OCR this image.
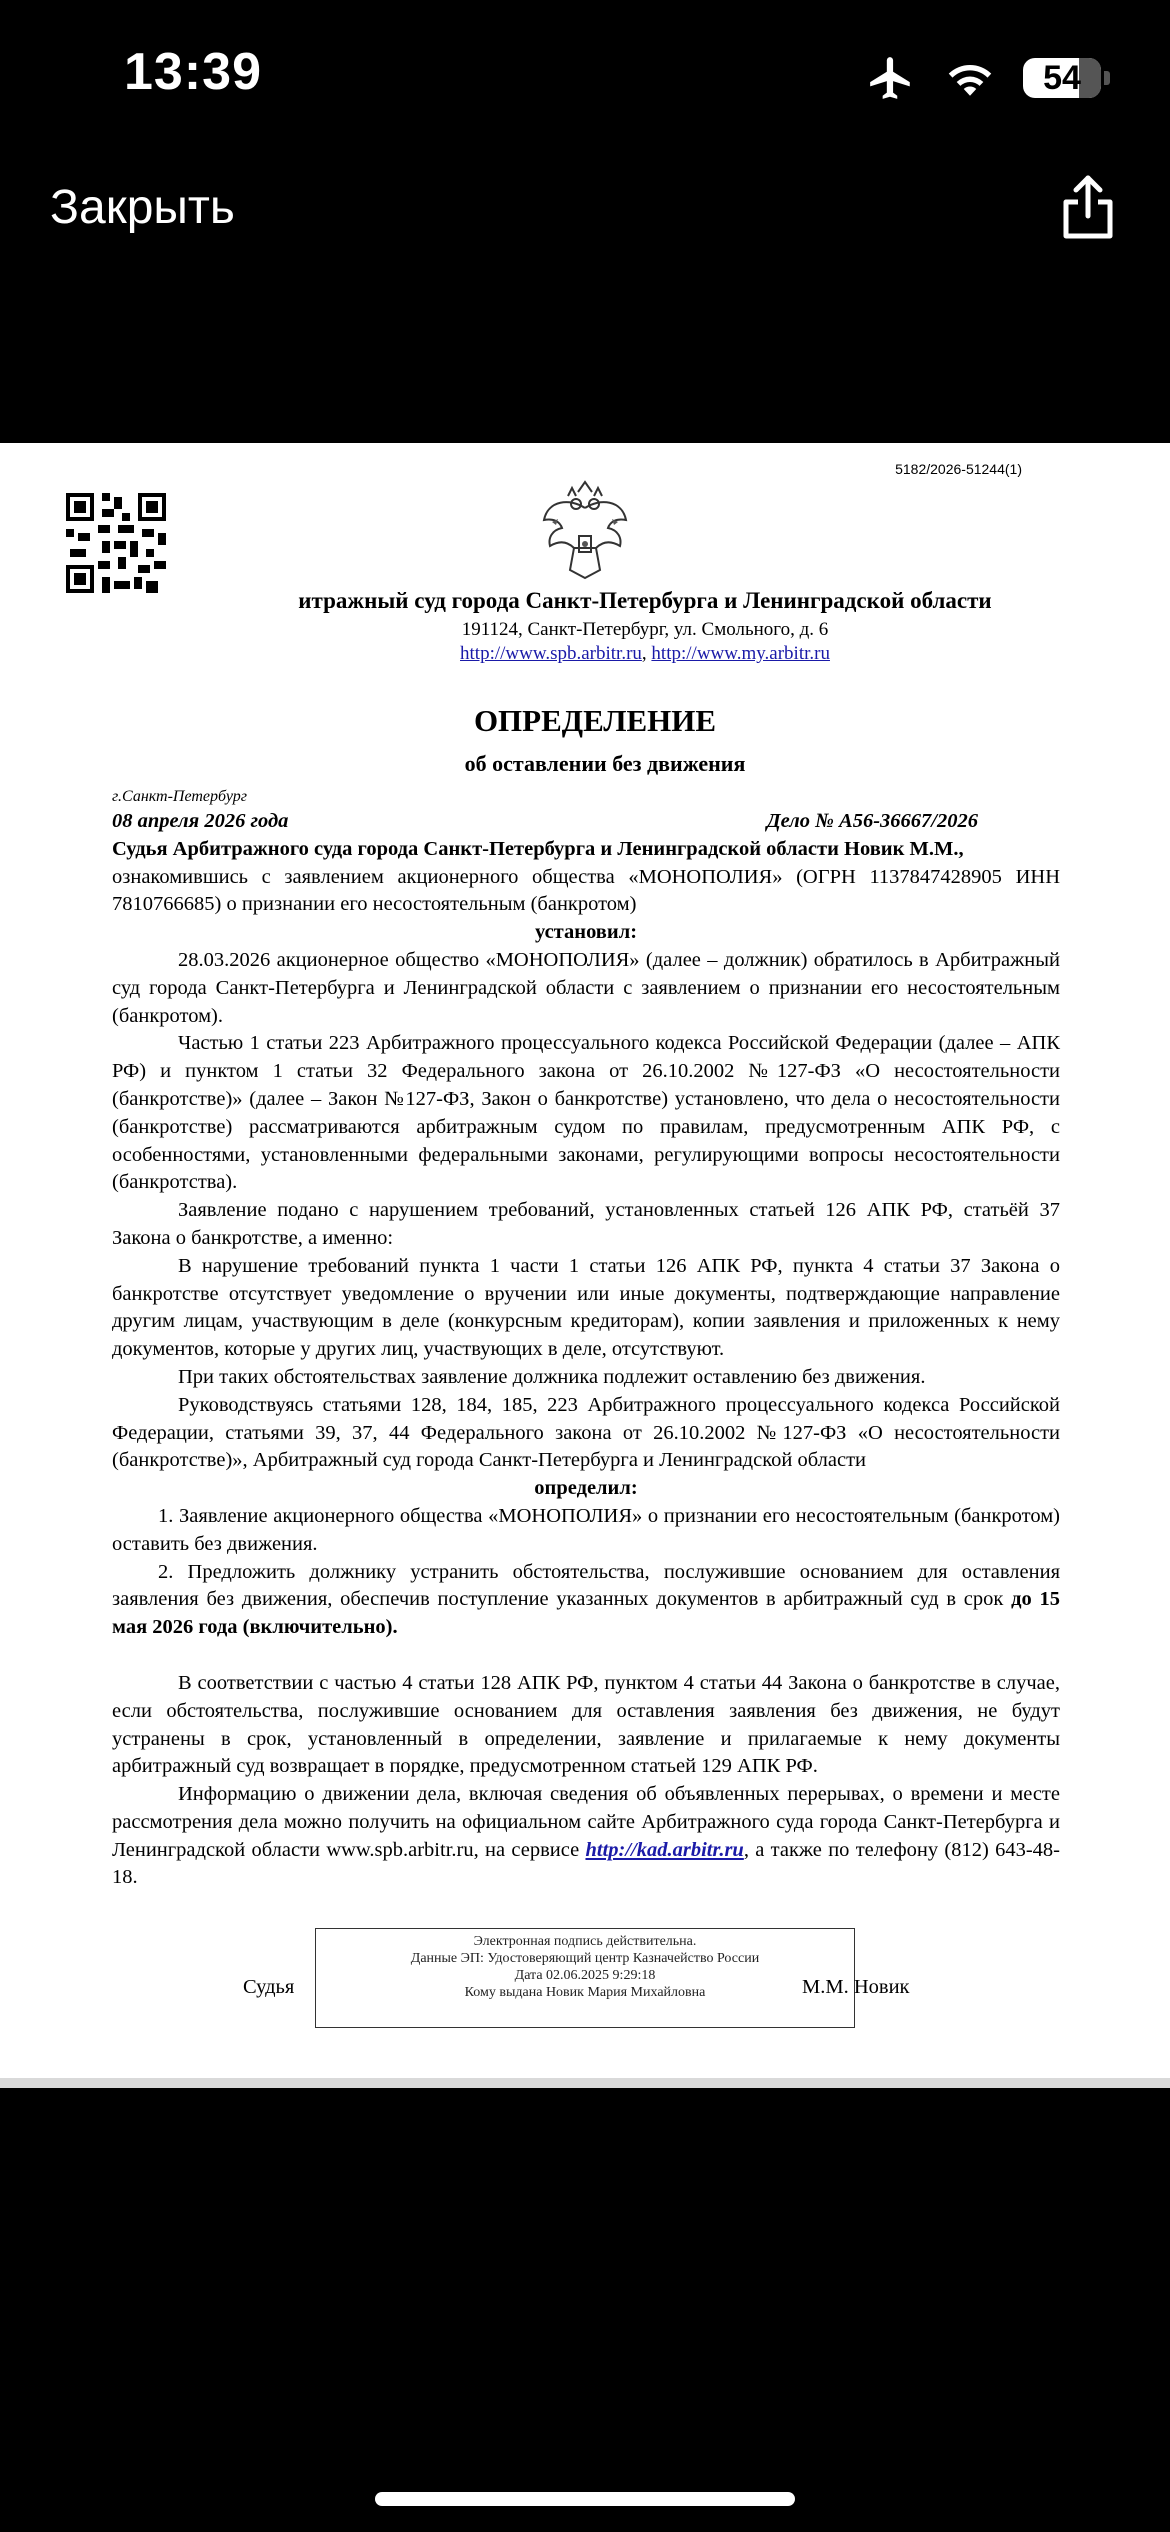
13:39	54
Закрыть
5182/2026-51244(1)
итражный суд города Санкт-Петербурга и Ленинградской области
191124, Санкт-Петербург, ул. Смольного, д. 6
http://www.spb.arbitr.ru, http://www.my.arbitr.ru
ОПРЕДЕЛЕНИЕ
об оставлении без движения
г.Санкт-Петербург
08 апреля 2026 года	Дело № А56-36667/2026

Судья Арбитражного суда города Санкт-Петербурга и Ленинградской области Новик М.М.,

ознакомившись с заявлением акционерного общества «МОНОПОЛИЯ» (ОГРН 1137847428905 ИНН 7810766685) о признании его несостоятельным (банкротом)

установил:

28.03.2026 акционерное общество «МОНОПОЛИЯ» (далее – должник) обратилось в Арбитражный суд города Санкт-Петербурга и Ленинградской области с заявлением о признании его несостоятельным (банкротом).

Частью 1 статьи 223 Арбитражного процессуального кодекса Российской Федерации (далее – АПК РФ) и пунктом 1 статьи 32 Федерального закона от 26.10.2002 №127-ФЗ «О несостоятельности (банкротстве)» (далее – Закон №127-ФЗ, Закон о банкротстве) установлено, что дела о несостоятельности (банкротстве) рассматриваются арбитражным судом по правилам, предусмотренным АПК РФ, с особенностями, установленными федеральными законами, регулирующими вопросы несостоятельности (банкротства).

Заявление подано с нарушением требований, установленных статьей 126 АПК РФ, статьёй 37 Закона о банкротстве, а именно:

В нарушение требований пункта 1 части 1 статьи 126 АПК РФ, пункта 4 статьи 37 Закона о банкротстве отсутствует уведомление о вручении или иные документы, подтверждающие направление другим лицам, участвующим в деле (конкурсным кредиторам), копии заявления и приложенных к нему документов, которые у других лиц, участвующих в деле, отсутствуют.

При таких обстоятельствах заявление должника подлежит оставлению без движения.

Руководствуясь статьями 128, 184, 185, 223 Арбитражного процессуального кодекса Российской Федерации, статьями 39, 37, 44 Федерального закона от 26.10.2002 №127-ФЗ «О несостоятельности (банкротстве)», Арбитражный суд города Санкт-Петербурга и Ленинградской области

определил:

1. Заявление акционерного общества «МОНОПОЛИЯ» о признании его несостоятельным (банкротом) оставить без движения.

2. Предложить должнику устранить обстоятельства, послужившие основанием для оставления заявления без движения, обеспечив поступление указанных документов в арбитражный суд в срок до 15 мая 2026 года (включительно).

В соответствии с частью 4 статьи 128 АПК РФ, пунктом 4 статьи 44 Закона о банкротстве в случае, если обстоятельства, послужившие основанием для оставления заявления без движения, не будут устранены в срок, установленный в определении, заявление и прилагаемые к нему документы арбитражный суд возвращает в порядке, предусмотренном статьей 129 АПК РФ.

Информацию о движении дела, включая сведения об объявленных перерывах, о времени и месте рассмотрения дела можно получить на официальном сайте Арбитражного суда города Санкт-Петербурга и Ленинградской области www.spb.arbitr.ru, на сервисе http://kad.arbitr.ru, а также по телефону (812) 643-48-18.

Электронная подпись действительна.
Данные ЭП: Удостоверяющий центр Казначейство России
Дата 02.06.2025 9:29:18
Кому выдана Новик Мария Михайловна
Судья	М.М. Новик
